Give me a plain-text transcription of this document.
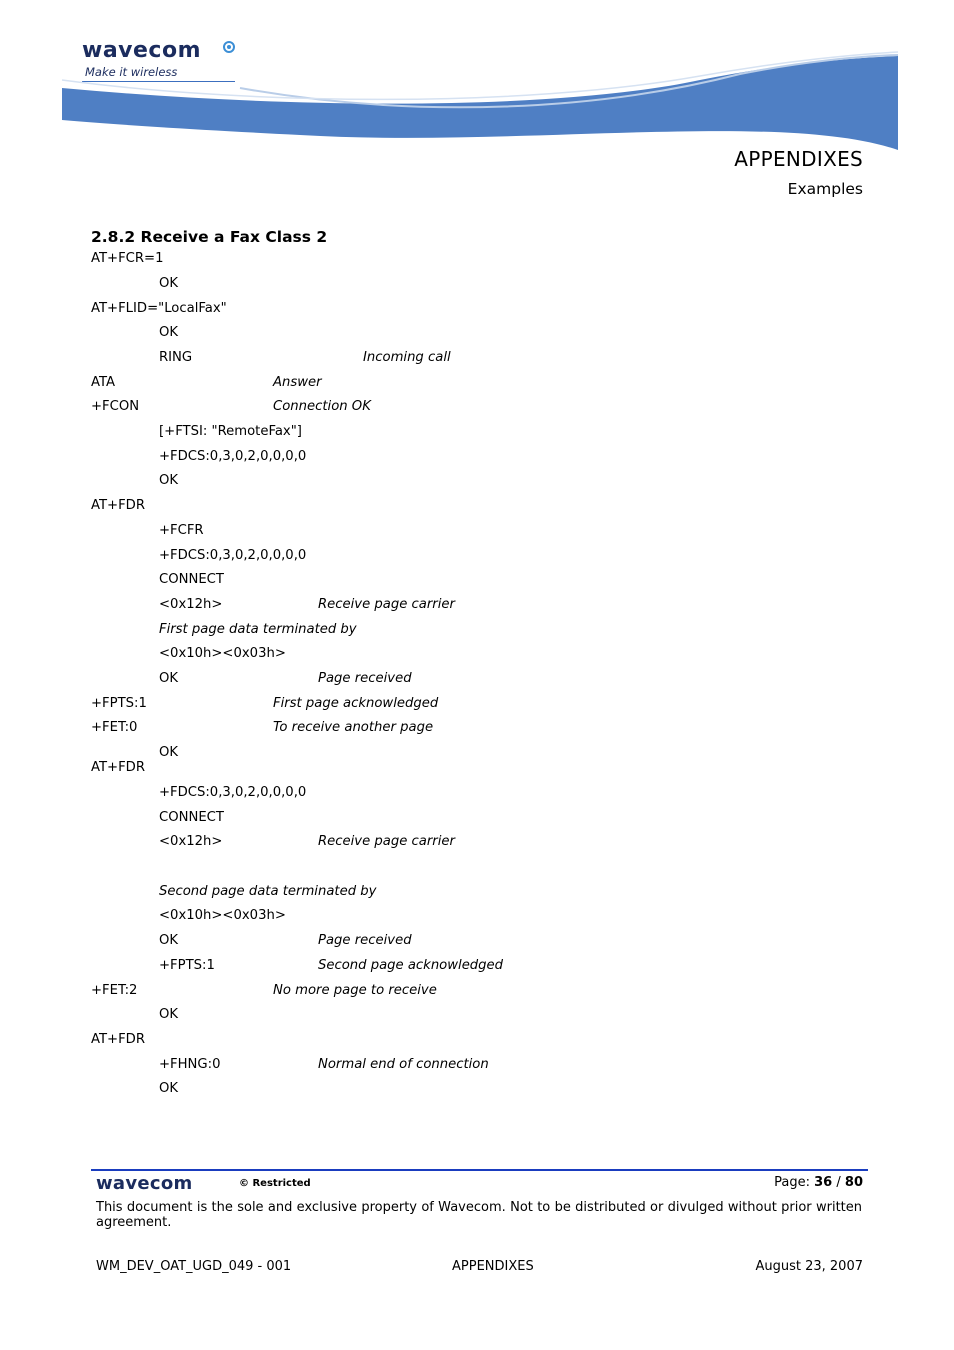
wavecom
Make it wireless
APPENDIXES
Examples
2.8.2 Receive a Fax Class 2
AT+FCR=1
OK
AT+FLID="LocalFax"
OK
RING	Incoming call
ATA	Answer
+FCON	Connection OK
[+FTSI: "RemoteFax"]
+FDCS:0,3,0,2,0,0,0,0
OK
AT+FDR
+FCFR
+FDCS:0,3,0,2,0,0,0,0
CONNECT
<0x12h>	Receive page carrier
First page data terminated by
<0x10h><0x03h>
OK	Page received
+FPTS:1	First page acknowledged
+FET:0	To receive another page
OK
AT+FDR
+FDCS:0,3,0,2,0,0,0,0
CONNECT
<0x12h>	Receive page carrier
Second page data terminated by
<0x10h><0x03h>
OK	Page received
+FPTS:1	Second page acknowledged
+FET:2	No more page to receive
OK
AT+FDR
+FHNG:0	Normal end of connection
OK
wavecom	© Restricted	Page: 36 / 80
This document is the sole and exclusive property of Wavecom. Not to be distributed or divulged without prior written agreement.
WM_DEV_OAT_UGD_049 - 001	APPENDIXES	August 23, 2007
